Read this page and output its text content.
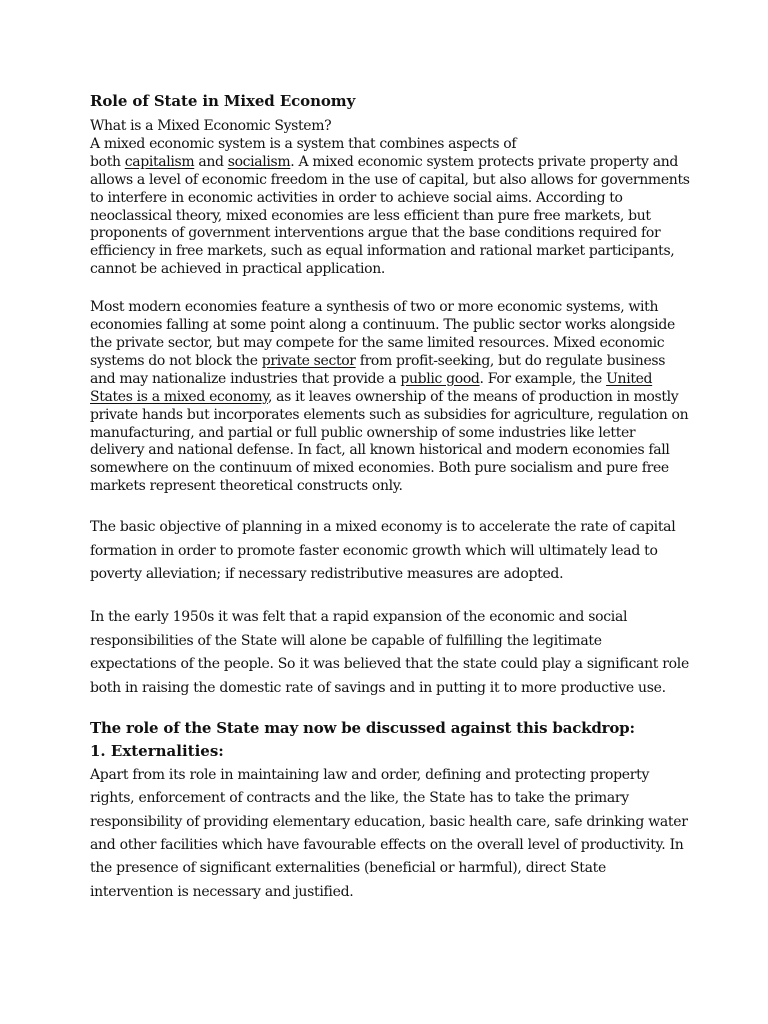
Role of State in Mixed Economy

What is a Mixed Economic System?

A mixed economic system is a system that combines aspects of
both capitalism and socialism. A mixed economic system protects private property and allows a level of economic freedom in the use of capital, but also allows for governments to interfere in economic activities in order to achieve social aims. According to neoclassical theory, mixed economies are less efficient than pure free markets, but proponents of government interventions argue that the base conditions required for efficiency in free markets, such as equal information and rational market participants, cannot be achieved in practical application.

Most modern economies feature a synthesis of two or more economic systems, with economies falling at some point along a continuum. The public sector works alongside the private sector, but may compete for the same limited resources. Mixed economic systems do not block the private sector from profit-seeking, but do regulate business and may nationalize industries that provide a public good. For example, the United States is a mixed economy, as it leaves ownership of the means of production in mostly private hands but incorporates elements such as subsidies for agriculture, regulation on manufacturing, and partial or full public ownership of some industries like letter delivery and national defense. In fact, all known historical and modern economies fall somewhere on the continuum of mixed economies. Both pure socialism and pure free markets represent theoretical constructs only.

The basic objective of planning in a mixed economy is to accelerate the rate of capital formation in order to promote faster economic growth which will ultimately lead to poverty alleviation; if necessary redistributive measures are adopted.

In the early 1950s it was felt that a rapid expansion of the economic and social responsibilities of the State will alone be capable of fulfilling the legitimate expectations of the people. So it was believed that the state could play a significant role both in raising the domestic rate of savings and in putting it to more productive use.

The role of the State may now be discussed against this backdrop:

1. Externalities:

Apart from its role in maintaining law and order, defining and protecting property rights, enforcement of contracts and the like, the State has to take the primary responsibility of providing elementary education, basic health care, safe drinking water and other facilities which have favourable effects on the overall level of productivity. In the presence of significant externalities (beneficial or harmful), direct State intervention is necessary and justified.
